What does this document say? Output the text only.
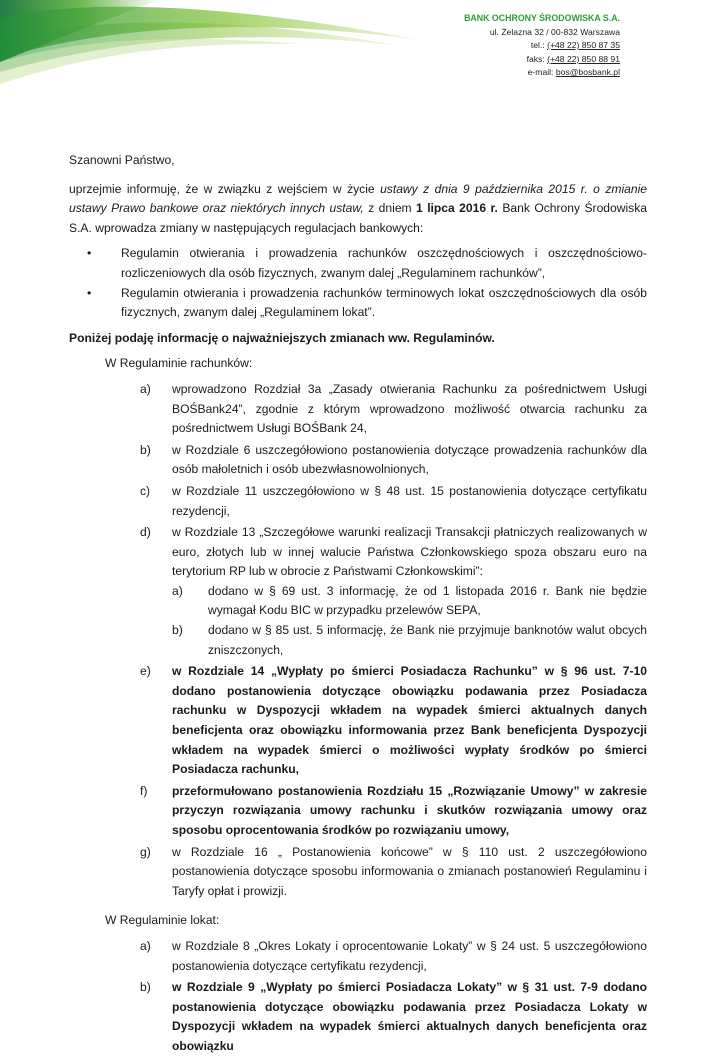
BANK OCHRONY ŚRODOWISKA S.A.
ul. Żelazna 32 / 00-832 Warszawa
tel.: (+48 22) 850 87 35
faks: (+48 22) 850 88 91
e-mail: bos@bosbank.pl

Szanowni Państwo,

uprzejmie informuję, że w związku z wejściem w życie ustawy z dnia 9 października 2015 r. o zmianie ustawy Prawo bankowe oraz niektórych innych ustaw, z dniem 1 lipca 2016 r. Bank Ochrony Środowiska S.A. wprowadza zmiany w następujących regulacjach bankowych:

• Regulamin otwierania i prowadzenia rachunków oszczędnościowych i oszczędnościowo-rozliczeniowych dla osób fizycznych, zwanym dalej „Regulaminem rachunków”,
• Regulamin otwierania i prowadzenia rachunków terminowych lokat oszczędnościowych dla osób fizycznych, zwanym dalej „Regulaminem lokat”.

Poniżej podaję informację o najważniejszych zmianach ww. Regulaminów.

W Regulaminie rachunków:

a) wprowadzono Rozdział 3a „Zasady otwierania Rachunku za pośrednictwem Usługi BOŚBank24”, zgodnie z którym wprowadzono możliwość otwarcia rachunku za pośrednictwem Usługi BOŚBank 24,
b) w Rozdziale 6 uszczegółowiono postanowienia dotyczące prowadzenia rachunków dla osób małoletnich i osób ubezwłasnowolnionych,
c) w Rozdziale 11 uszczegółowiono w § 48 ust. 15 postanowienia dotyczące certyfikatu rezydencji,
d) w Rozdziale 13 „Szczegółowe warunki realizacji Transakcji płatniczych realizowanych w euro, złotych lub w innej walucie Państwa Członkowskiego spoza obszaru euro na terytorium RP lub w obrocie z Państwami Członkowskimi”:
a) dodano w § 69 ust. 3 informację, że od 1 listopada 2016 r. Bank nie będzie wymagał Kodu BIC w przypadku przelewów SEPA,
b) dodano w § 85 ust. 5 informację, że Bank nie przyjmuje banknotów walut obcych zniszczonych,
e) w Rozdziale 14 „Wypłaty po śmierci Posiadacza Rachunku” w § 96 ust. 7-10 dodano postanowienia dotyczące obowiązku podawania przez Posiadacza rachunku w Dyspozycji wkładem na wypadek śmierci aktualnych danych beneficjenta oraz obowiązku informowania przez Bank beneficjenta Dyspozycji wkładem na wypadek śmierci o możliwości wypłaty środków po śmierci Posiadacza rachunku,
f) przeformułowano postanowienia Rozdziału 15 „Rozwiązanie Umowy” w zakresie przyczyn rozwiązania umowy rachunku i skutków rozwiązania umowy oraz sposobu oprocentowania środków po rozwiązaniu umowy,
g) w Rozdziale 16 „ Postanowienia końcowe” w § 110 ust. 2 uszczegółowiono postanowienia dotyczące sposobu informowania o zmianach postanowień Regulaminu i Taryfy opłat i prowizji.

W Regulaminie lokat:

a) w Rozdziale 8 „Okres Lokaty i oprocentowanie Lokaty” w § 24 ust. 5 uszczegółowiono postanowienia dotyczące certyfikatu rezydencji,
b) w Rozdziale 9 „Wypłaty po śmierci Posiadacza Lokaty” w § 31 ust. 7-9 dodano postanowienia dotyczące obowiązku podawania przez Posiadacza Lokaty w Dyspozycji wkładem na wypadek śmierci aktualnych danych beneficjenta oraz obowiązku
